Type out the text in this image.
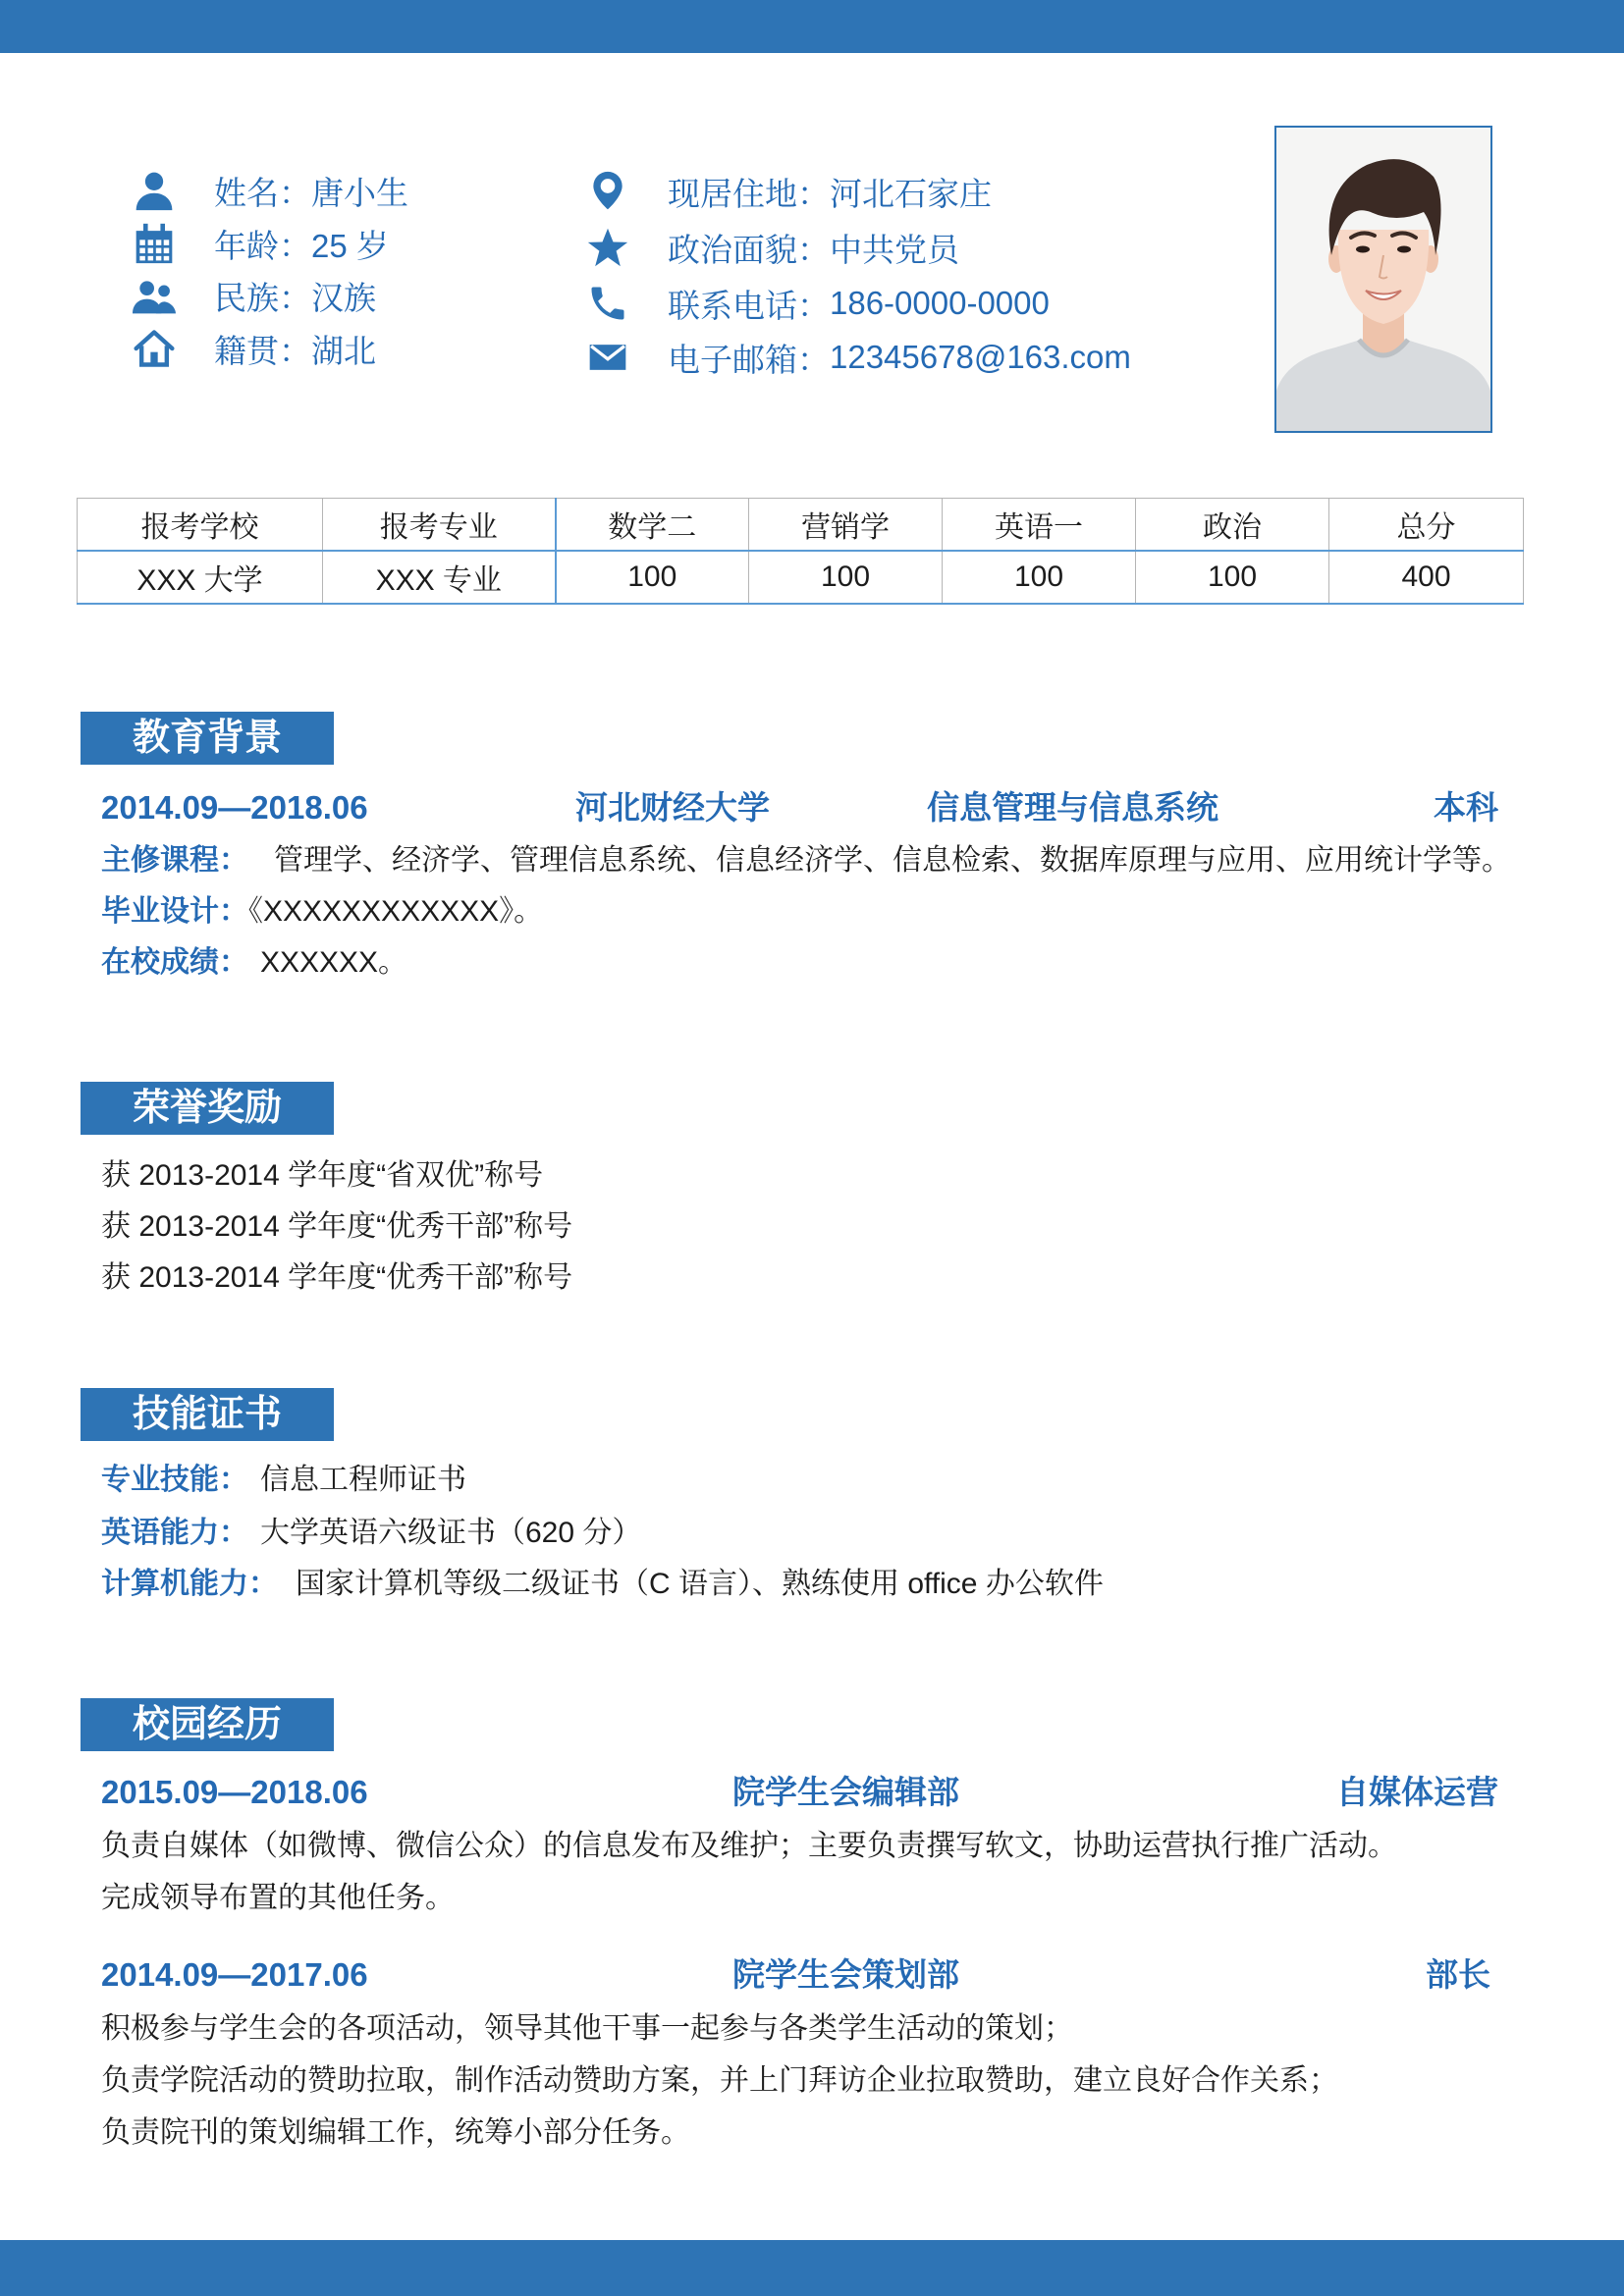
姓名： 唐小生
年龄： 25 岁
民族： 汉族
籍贯： 湖北
现居住地： 河北石家庄
政治面貌： 中共党员
联系电话： 186-0000-0000
电子邮箱： 12345678@163.com
报考学校	报考专业	数学二	营销学	英语一	政治	总分
XXX 大学	XXX 专业	100	100	100	100	400
教育背景
2014.09—2018.06	河北财经大学	信息管理与信息系统	本科
主修课程： 管理学、经济学、管理信息系统、信息经济学、信息检索、数据库原理与应用、应用统计学等。
毕业设计：《XXXXXXXXXXXX》。
在校成绩： XXXXXX。
荣誉奖励
获 2013-2014 学年度“省双优”称号
获 2013-2014 学年度“优秀干部”称号
获 2013-2014 学年度“优秀干部”称号
技能证书
专业技能： 信息工程师证书
英语能力： 大学英语六级证书（620 分）
计算机能力： 国家计算机等级二级证书（C 语言）、熟练使用 office 办公软件
校园经历
2015.09—2018.06	院学生会编辑部	自媒体运营
负责自媒体（如微博、微信公众）的信息发布及维护；主要负责撰写软文，协助运营执行推广活动。
完成领导布置的其他任务。
2014.09—2017.06	院学生会策划部	部长
积极参与学生会的各项活动，领导其他干事一起参与各类学生活动的策划；
负责学院活动的赞助拉取，制作活动赞助方案，并上门拜访企业拉取赞助，建立良好合作关系；
负责院刊的策划编辑工作，统筹小部分任务。
